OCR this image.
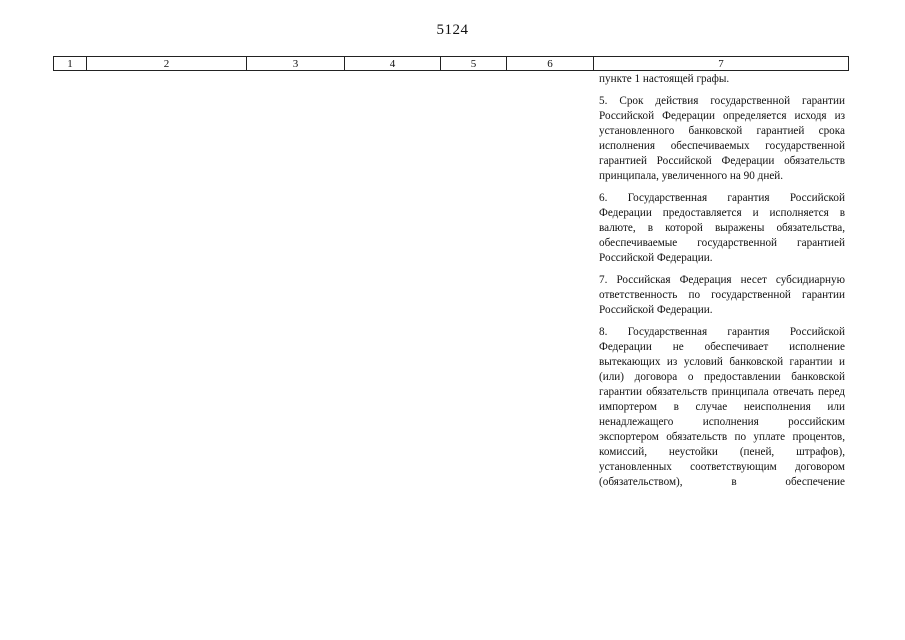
5124
1	2	3	4	5	6	7

пункте 1 настоящей графы.

5. Срок действия государственной гарантии Российской Федерации определяется исходя из установленного банковской гарантией срока исполнения обеспечиваемых государственной гарантией Российской Федерации обязательств принципала, увеличенного на 90 дней.

6. Государственная гарантия Российской Федерации предоставляется и исполняется в валюте, в которой выражены обязательства, обеспечиваемые государственной гарантией Российской Федерации.

7. Российская Федерация несет субсидиарную ответственность по государственной гарантии Российской Федерации.

8. Государственная гарантия Российской Федерации не обеспечивает исполнение вытекающих из условий банковской гарантии и (или) договора о предоставлении банковской гарантии обязательств принципала отвечать перед импортером в случае неисполнения или ненадлежащего исполнения российским экспортером обязательств по уплате процентов, комиссий, неустойки (пеней, штрафов), установленных соответствующим договором (обязательством), в обеспечение
